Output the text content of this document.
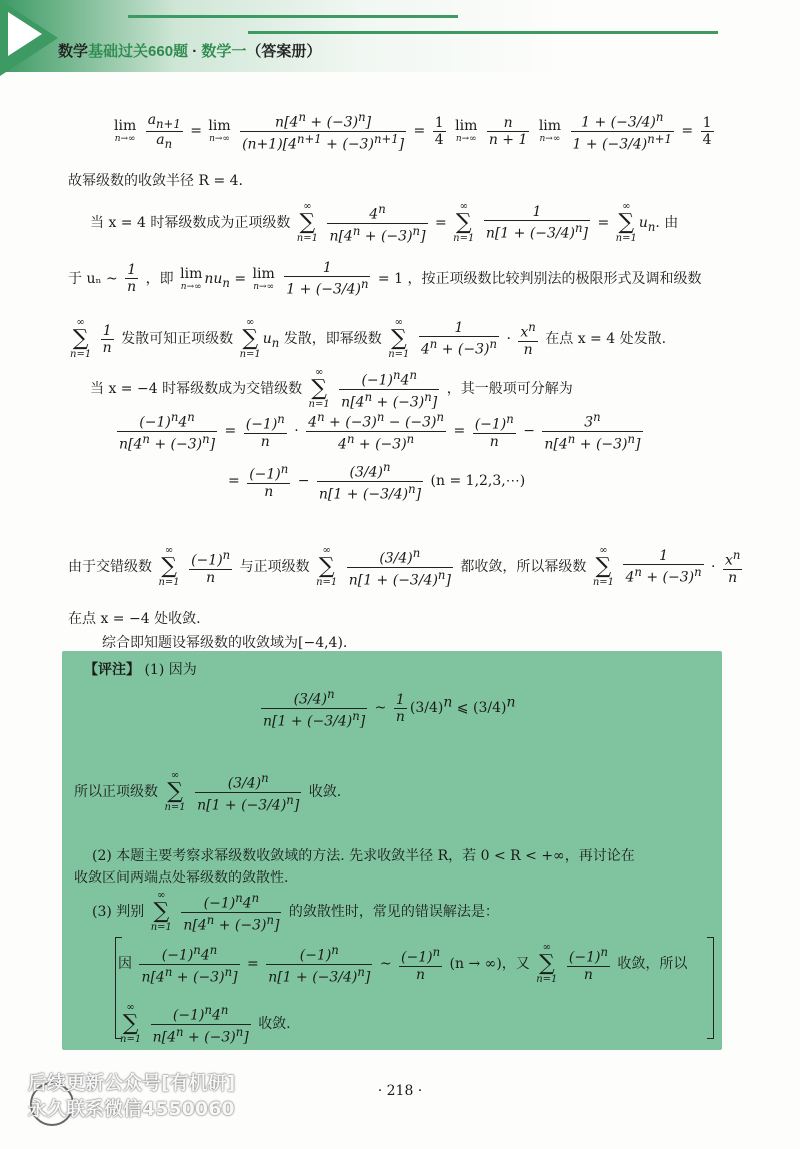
数学基础过关660题 · 数学一（答案册）
lim
$n\to\infty \frac{a_{n+1}}{a_n} = \lim$
$n\to\infty \frac{n[4^n + (-3)^n]}{(n+1)[4^{n+1} + (-3)^{n+1}]} = \frac{1}{4}$
lim
$n\to\infty \frac{n}{n + 1}$
lim
$n\to\infty \frac{1 + (-3/4)^n}{1 + (-3/4)^{n+1}} = \frac{1}{4}$
故幂级数的收敛半径 R = 4.
当 x = 4 时幂级数成为正项级数 ∞
∑
$n=1 \frac{4^n}{n[4^n + (-3)^n]}$ = ∞
∑
$n=1 \frac{1}{n[1 + (-3/4)^n]}$ = ∞
∑
$n=1u_n$. 由
于 uₙ ~ $\frac{1}{n}$ ，即 lim
n→∞ $nu_n = \lim$
$n\to\infty \frac{1}{1 + (-3/4)^n} = 1$ ，按正项级数比较判别法的极限形式及调和级数
∞
∑
$n=1 \frac{1}{n}$ 发散可知正项级数 ∞
∑
$n=1u_n$ 发散，即幂级数 ∞
∑
$n=1 \frac{1}{4^n + (-3)^n} \cdot \frac{x^n}{n}$ 在点 x = 4 处发散.
当 x = −4 时幂级数成为交错级数 ∞
∑
$n=1 \frac{(-1)^n4^n}{n[4^n + (-3)^n]}$ ，其一般项可分解为
$\frac{(-1)^n4^n}{n[4^n + (-3)^n]} = \frac{(-1)^n}{n} \cdot \frac{4^n + (-3)^n - (-3)^n}{4^n + (-3)^n} = \frac{(-1)^n}{n} - \frac{3^n}{n[4^n + (-3)^n]}$
= $\frac{(-1)^n}{n} - \frac{(3/4)^n}{n[1 + (-3/4)^n]} (n$ = 1,2,3,⋯)
由于交错级数 ∞
∑
$n=1 \frac{(-1)^n}{n}$ 与正项级数 ∞
∑
$n=1 \frac{(3/4)^n}{n[1 + (-3/4)^n]}$ 都收敛，所以幂级数 ∞
∑
$n=1 \frac{1}{4^n + (-3)^n} \cdot \frac{x^n}{n}$
在点 x = −4 处收敛.
综合即知题设幂级数的收敛域为[−4,4).
【评注】 (1) 因为
$\frac{(3/4)^n}{n[1 + (-3/4)^n]}$ ~ $\frac{1}{n} (3/4)^n$ ⩽ $(3/4)^n$
所以正项级数 ∞
∑
$n=1 \frac{(3/4)^n}{n[1 + (-3/4)^n]}$ 收敛.
(2) 本题主要考察求幂级数收敛域的方法. 先求收敛半径 R，若 0 < R < +∞，再讨论在
收敛区间两端点处幂级数的敛散性.
(3) 判别 ∞
∑
$n=1 \frac{(-1)^n4^n}{n[4^n + (-3)^n]}$ 的敛散性时，常见的错误解法是：
因 $\frac{(-1)^n4^n}{n[4^n + (-3)^n]} = \frac{(-1)^n}{n[1 + (-3/4)^n]}$ ~ $\frac{(-1)^n}{n} (n$ → ∞)，又 ∞
∑
$n=1 \frac{(-1)^n}{n}$ 收敛，所以
∞
∑
$n=1 \frac{(-1)^n4^n}{n[4^n + (-3)^n]}$ 收敛.
· 218 ·
后续更新公众号[有机研]
永久联系微信4550060
